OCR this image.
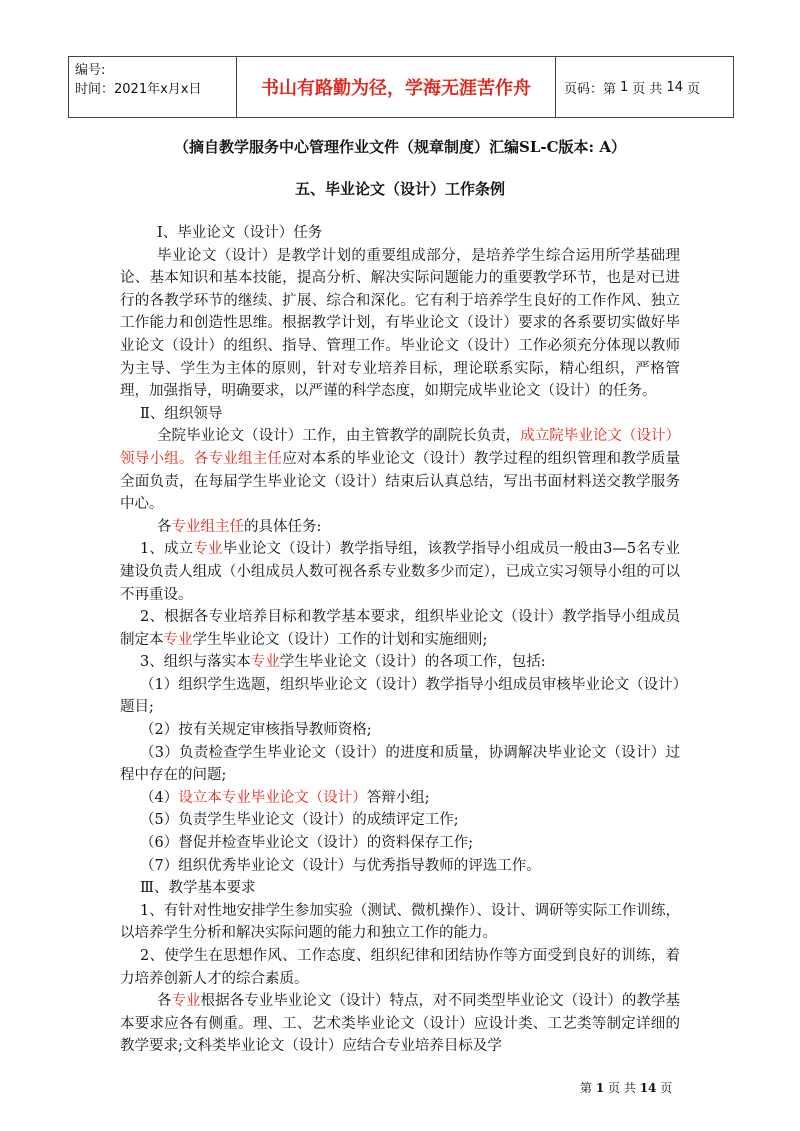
编号:
时间：2021年x月x日	书山有路勤为径，学海无涯苦作舟	页码：第 1 页 共 14 页
（摘自教学服务中心管理作业文件（规章制度）汇编SL-C版本: A）
五、毕业论文（设计）工作条例

Ⅰ、毕业论文（设计）任务

毕业论文（设计）是教学计划的重要组成部分，是培养学生综合运用所学基础理论、基本知识和基本技能，提高分析、解决实际问题能力的重要教学环节，也是对已进行的各教学环节的继续、扩展、综合和深化。它有利于培养学生良好的工作作风、独立工作能力和创造性思维。根据教学计划，有毕业论文（设计）要求的各系要切实做好毕业论文（设计）的组织、指导、管理工作。毕业论文（设计）工作必须充分体现以教师为主导、学生为主体的原则，针对专业培养目标，理论联系实际，精心组织，严格管理，加强指导，明确要求，以严谨的科学态度，如期完成毕业论文（设计）的任务。

Ⅱ、组织领导

全院毕业论文（设计）工作，由主管教学的副院长负责，成立院毕业论文（设计）领导小组。各专业组主任应对本系的毕业论文（设计）教学过程的组织管理和教学质量全面负责，在每届学生毕业论文（设计）结束后认真总结，写出书面材料送交教学服务中心。

各专业组主任的具体任务:

1、成立专业毕业论文（设计）教学指导组，该教学指导小组成员一般由3—5名专业建设负责人组成（小组成员人数可视各系专业数多少而定），已成立实习领导小组的可以不再重设。

2、根据各专业培养目标和教学基本要求，组织毕业论文（设计）教学指导小组成员制定本专业学生毕业论文（设计）工作的计划和实施细则;

3、组织与落实本专业学生毕业论文（设计）的各项工作，包括:

（1）组织学生选题，组织毕业论文（设计）教学指导小组成员审核毕业论文（设计）题目;

（2）按有关规定审核指导教师资格;

（3）负责检查学生毕业论文（设计）的进度和质量，协调解决毕业论文（设计）过程中存在的问题;

（4）设立本专业毕业论文（设计）答辩小组;

（5）负责学生毕业论文（设计）的成绩评定工作;

（6）督促并检查毕业论文（设计）的资料保存工作;

（7）组织优秀毕业论文（设计）与优秀指导教师的评选工作。

Ⅲ、教学基本要求

1、有针对性地安排学生参加实验（测试、微机操作）、设计、调研等实际工作训练，以培养学生分析和解决实际问题的能力和独立工作的能力。

2、使学生在思想作风、工作态度、组织纪律和团结协作等方面受到良好的训练，着力培养创新人才的综合素质。

各专业根据各专业毕业论文（设计）特点，对不同类型毕业论文（设计）的教学基本要求应各有侧重。理、工、艺术类毕业论文（设计）应设计类、工艺类等制定详细的教学要求;文科类毕业论文（设计）应结合专业培养目标及学

第 1 页 共 14 页
